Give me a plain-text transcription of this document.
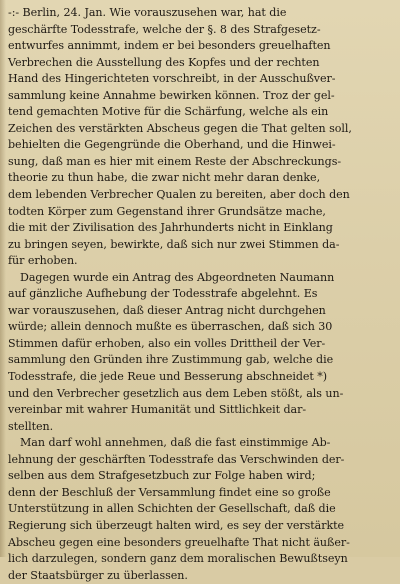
-:- Berlin, 24. Jan. Wie vorauszusehen war, hat die
geschärfte Todesstrafe, welche der §. 8 des Strafgesetz-
entwurfes annimmt, indem er bei besonders greuelhaften
Verbrechen die Ausstellung des Kopfes und der rechten
Hand des Hingerichteten vorschreibt, in der Ausschußver-
sammlung keine Annahme bewirken können. Troz der gel-
tend gemachten Motive für die Schärfung, welche als ein
Zeichen des verstärkten Abscheus gegen die That gelten soll,
behielten die Gegengründe die Oberhand, und die Hinwei-
sung, daß man es hier mit einem Reste der Abschreckungs-
theorie zu thun habe, die zwar nicht mehr daran denke,
dem lebenden Verbrecher Qualen zu bereiten, aber doch den
todten Körper zum Gegenstand ihrer Grundsätze mache,
die mit der Zivilisation des Jahrhunderts nicht in Einklang
zu bringen seyen, bewirkte, daß sich nur zwei Stimmen da-
für erhoben.

Dagegen wurde ein Antrag des Abgeordneten Naumann
auf gänzliche Aufhebung der Todesstrafe abgelehnt. Es
war vorauszusehen, daß dieser Antrag nicht durchgehen
würde; allein dennoch mußte es überraschen, daß sich 30
Stimmen dafür erhoben, also ein volles Drittheil der Ver-
sammlung den Gründen ihre Zustimmung gab, welche die
Todesstrafe, die jede Reue und Besserung abschneidet *)
und den Verbrecher gesetzlich aus dem Leben stößt, als un-
vereinbar mit wahrer Humanität und Sittlichkeit dar-
stellten.

Man darf wohl annehmen, daß die fast einstimmige Ab-
lehnung der geschärften Todesstrafe das Verschwinden der-
selben aus dem Strafgesetzbuch zur Folge haben wird;
denn der Beschluß der Versammlung findet eine so große
Unterstützung in allen Schichten der Gesellschaft, daß die
Regierung sich überzeugt halten wird, es sey der verstärkte
Abscheu gegen eine besonders greuelhafte That nicht äußer-
lich darzulegen, sondern ganz dem moralischen Bewußtseyn
der Staatsbürger zu überlassen.
